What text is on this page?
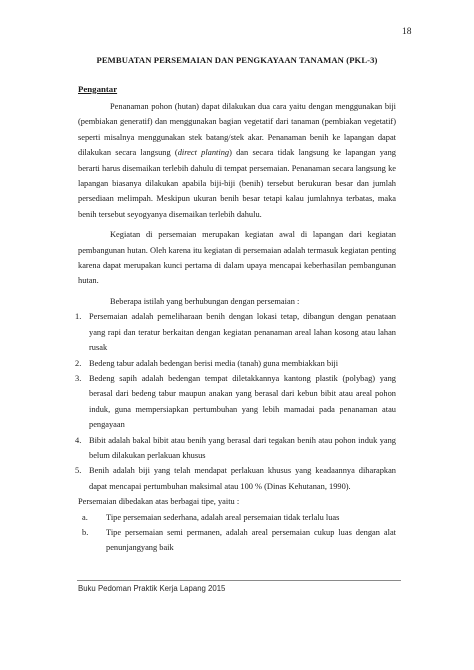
18
PEMBUATAN PERSEMAIAN DAN PENGKAYAAN TANAMAN (PKL-3)
Pengantar

Penanaman pohon (hutan) dapat dilakukan dua cara yaitu dengan menggunakan biji (pembiakan generatif) dan menggunakan bagian vegetatif dari tanaman (pembiakan vegetatif) seperti misalnya menggunakan stek batang/stek akar. Penanaman benih ke lapangan dapat dilakukan secara langsung (direct planting) dan secara tidak langsung ke lapangan yang berarti harus disemaikan terlebih dahulu di tempat persemaian. Penanaman secara langsung ke lapangan biasanya dilakukan apabila biji-biji (benih) tersebut berukuran besar dan jumlah persediaan melimpah. Meskipun ukuran benih besar tetapi kalau jumlahnya terbatas, maka benih tersebut seyogyanya disemaikan terlebih dahulu.

Kegiatan di persemaian merupakan kegiatan awal di lapangan dari kegiatan pembangunan hutan. Oleh karena itu kegiatan di persemaian adalah termasuk kegiatan penting karena dapat merupakan kunci pertama di dalam upaya mencapai keberhasilan pembangunan hutan.

Beberapa istilah yang berhubungan dengan persemaian :

1. Persemaian adalah pemeliharaan benih dengan lokasi tetap, dibangun dengan penataan yang rapi dan teratur berkaitan dengan kegiatan penanaman areal lahan kosong atau lahan rusak
2. Bedeng tabur adalah bedengan berisi media (tanah) guna membiakkan biji
3. Bedeng sapih adalah bedengan tempat diletakkannya kantong plastik (polybag) yang berasal dari bedeng tabur maupun anakan yang berasal dari kebun bibit atau areal pohon induk, guna mempersiapkan pertumbuhan yang lebih mamadai pada penanaman atau pengayaan
4. Bibit adalah bakal bibit atau benih yang berasal dari tegakan benih atau pohon induk yang belum dilakukan perlakuan khusus
5. Benih adalah biji yang telah mendapat perlakuan khusus yang keadaannya diharapkan dapat mencapai pertumbuhan maksimal atau 100 % (Dinas Kehutanan, 1990).

Persemaian dibedakan atas berbagai tipe, yaitu :

a. Tipe persemaian sederhana, adalah areal persemaian tidak terlalu luas
b. Tipe persemaian semi permanen, adalah areal persemaian cukup luas dengan alat penunjangyang baik
Buku Pedoman Praktik Kerja Lapang 2015
